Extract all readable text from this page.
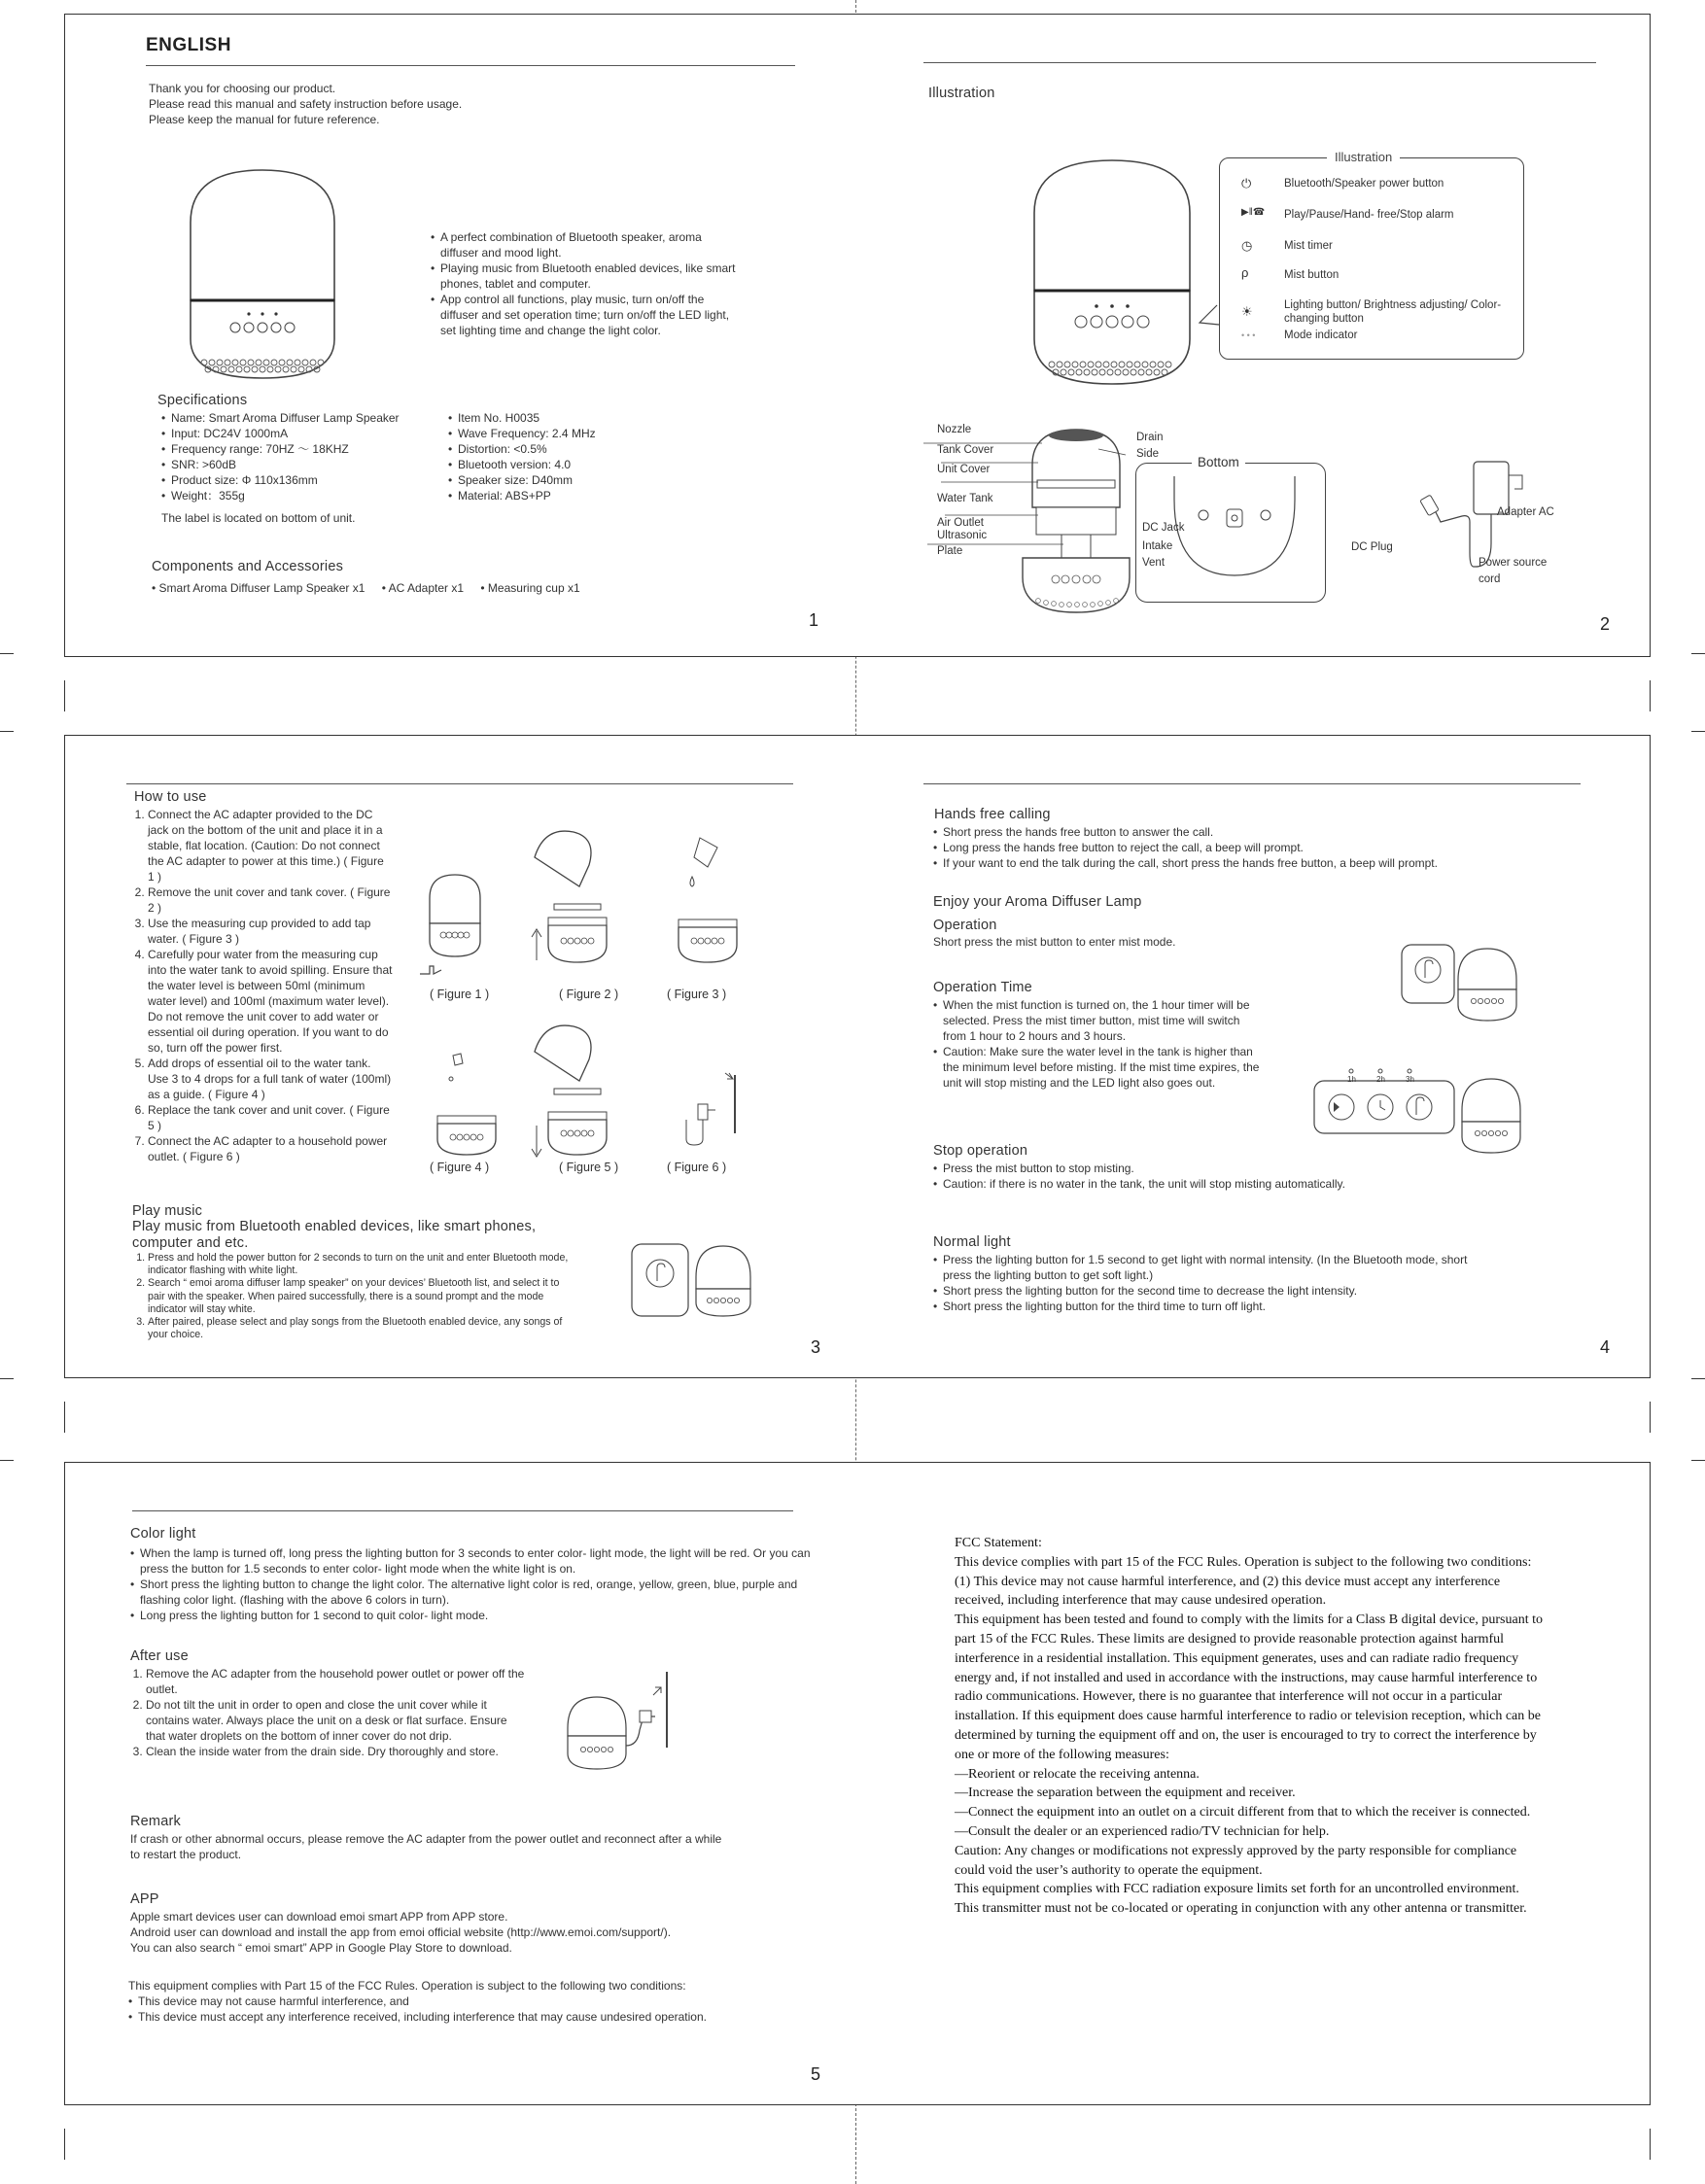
ENGLISH
Thank you for choosing our product.
Please read this manual and safety instruction before usage.
Please keep the manual for future reference.
• A perfect combination of Bluetooth speaker, aroma diffuser and mood light.
• Playing music from Bluetooth enabled devices, like smart phones, tablet and computer.
• App control all functions, play music, turn on/off the diffuser and set operation time; turn on/off the LED light, set lighting time and change the light color.
Specifications
• Name: Smart Aroma Diffuser Lamp Speaker
• Input: DC24V 1000mA
• Frequency range: 70HZ ～ 18KHZ
• SNR: >60dB
• Product size: Φ 110x136mm
• Weight：355g
The label is located on bottom of unit.
• Item No. H0035
• Wave Frequency: 2.4 MHz
• Distortion: <0.5%
• Bluetooth version: 4.0
• Speaker size: D40mm
• Material: ABS+PP
Components and Accessories
• Smart Aroma Diffuser Lamp Speaker x1 • AC Adapter x1 • Measuring cup x1
1
Illustration
Illustration
⏻	Bluetooth/Speaker power button
▶‖☎ Play/Pause/Hand- free/Stop alarm
◷	Mist timer
ρ	Mist button
☀	Lighting button/ Brightness adjusting/ Color- changing button
• • •	Mode indicator
Nozzle
Tank Cover
Unit Cover
Water Tank
Air Outlet
Ultrasonic
Plate
Drain
Side
Bottom
DC Jack
Intake
Vent
Adapter AC
DC Plug
Power source
cord
2
How to use
1. Connect the AC adapter provided to the DC jack on the bottom of the unit and place it in a stable, flat location. (Caution: Do not connect the AC adapter to power at this time.) ( Figure 1 )
2. Remove the unit cover and tank cover. ( Figure 2 )
3. Use the measuring cup provided to add tap water. ( Figure 3 )
4. Carefully pour water from the measuring cup into the water tank to avoid spilling. Ensure that the water level is between 50ml (minimum water level) and 100ml (maximum water level). Do not remove the unit cover to add water or essential oil during operation. If you want to do so, turn off the power first.
5. Add drops of essential oil to the water tank. Use 3 to 4 drops for a full tank of water (100ml) as a guide. ( Figure 4 )
6. Replace the tank cover and unit cover. ( Figure 5 )
7. Connect the AC adapter to a household power outlet. ( Figure 6 )
( Figure 1 )	( Figure 2 )	( Figure 3 )
( Figure 4 )	( Figure 5 )	( Figure 6 )
Play music
Play music from Bluetooth enabled devices, like smart phones, computer and etc.
1. Press and hold the power button for 2 seconds to turn on the unit and enter Bluetooth mode, indicator flashing with white light.
2. Search “ emoi aroma diffuser lamp speaker” on your devices’ Bluetooth list, and select it to pair with the speaker. When paired successfully, there is a sound prompt and the mode indicator will stay white.
3. After paired, please select and play songs from the Bluetooth enabled device, any songs of your choice.
3
Hands free calling
• Short press the hands free button to answer the call.
• Long press the hands free button to reject the call, a beep will prompt.
• If your want to end the talk during the call, short press the hands free button, a beep will prompt.
Enjoy your Aroma Diffuser Lamp
Operation
Short press the mist button to enter mist mode.
Operation Time
• When the mist function is turned on, the 1 hour timer will be selected. Press the mist timer button, mist time will switch from 1 hour to 2 hours and 3 hours.
• Caution: Make sure the water level in the tank is higher than the minimum level before misting. If the mist time expires, the unit will stop misting and the LED light also goes out.	1h	2h	3h
Stop operation
• Press the mist button to stop misting.
• Caution: if there is no water in the tank, the unit will stop misting automatically.
Normal light
• Press the lighting button for 1.5 second to get light with normal intensity. (In the Bluetooth mode, short press the lighting button to get soft light.)
• Short press the lighting button for the second time to decrease the light intensity.
• Short press the lighting button for the third time to turn off light.
4
Color light
• When the lamp is turned off, long press the lighting button for 3 seconds to enter color- light mode, the light will be red. Or you can press the button for 1.5 seconds to enter color- light mode when the white light is on.
• Short press the lighting button to change the light color. The alternative light color is red, orange, yellow, green, blue, purple and flashing color light. (flashing with the above 6 colors in turn).
• Long press the lighting button for 1 second to quit color- light mode.
After use
1. Remove the AC adapter from the household power outlet or power off the outlet.
2. Do not tilt the unit in order to open and close the unit cover while it contains water. Always place the unit on a desk or flat surface. Ensure that water droplets on the bottom of inner cover do not drip.
3. Clean the inside water from the drain side. Dry thoroughly and store.
Remark
If crash or other abnormal occurs, please remove the AC adapter from the power outlet and reconnect after a while to restart the product.
APP
Apple smart devices user can download emoi smart APP from APP store.
Android user can download and install the app from emoi official website (http://www.emoi.com/support/).
You can also search “ emoi smart” APP in Google Play Store to download.
This equipment complies with Part 15 of the FCC Rules. Operation is subject to the following two conditions:
• This device may not cause harmful interference, and
• This device must accept any interference received, including interference that may cause undesired operation.
5

FCC Statement:

This device complies with part 15 of the FCC Rules. Operation is subject to the following two conditions: (1) This device may not cause harmful interference, and (2) this device must accept any interference received, including interference that may cause undesired operation.

This equipment has been tested and found to comply with the limits for a Class B digital device, pursuant to part 15 of the FCC Rules. These limits are designed to provide reasonable protection against harmful interference in a residential installation. This equipment generates, uses and can radiate radio frequency energy and, if not installed and used in accordance with the instructions, may cause harmful interference to radio communications. However, there is no guarantee that interference will not occur in a particular installation. If this equipment does cause harmful interference to radio or television reception, which can be determined by turning the equipment off and on, the user is encouraged to try to correct the interference by one or more of the following measures:

—Reorient or relocate the receiving antenna.

—Increase the separation between the equipment and receiver.

—Connect the equipment into an outlet on a circuit different from that to which the receiver is connected.

—Consult the dealer or an experienced radio/TV technician for help.

Caution: Any changes or modifications not expressly approved by the party responsible for compliance could void the user’s authority to operate the equipment.

This equipment complies with FCC radiation exposure limits set forth for an uncontrolled environment.

This transmitter must not be co-located or operating in conjunction with any other antenna or transmitter.
